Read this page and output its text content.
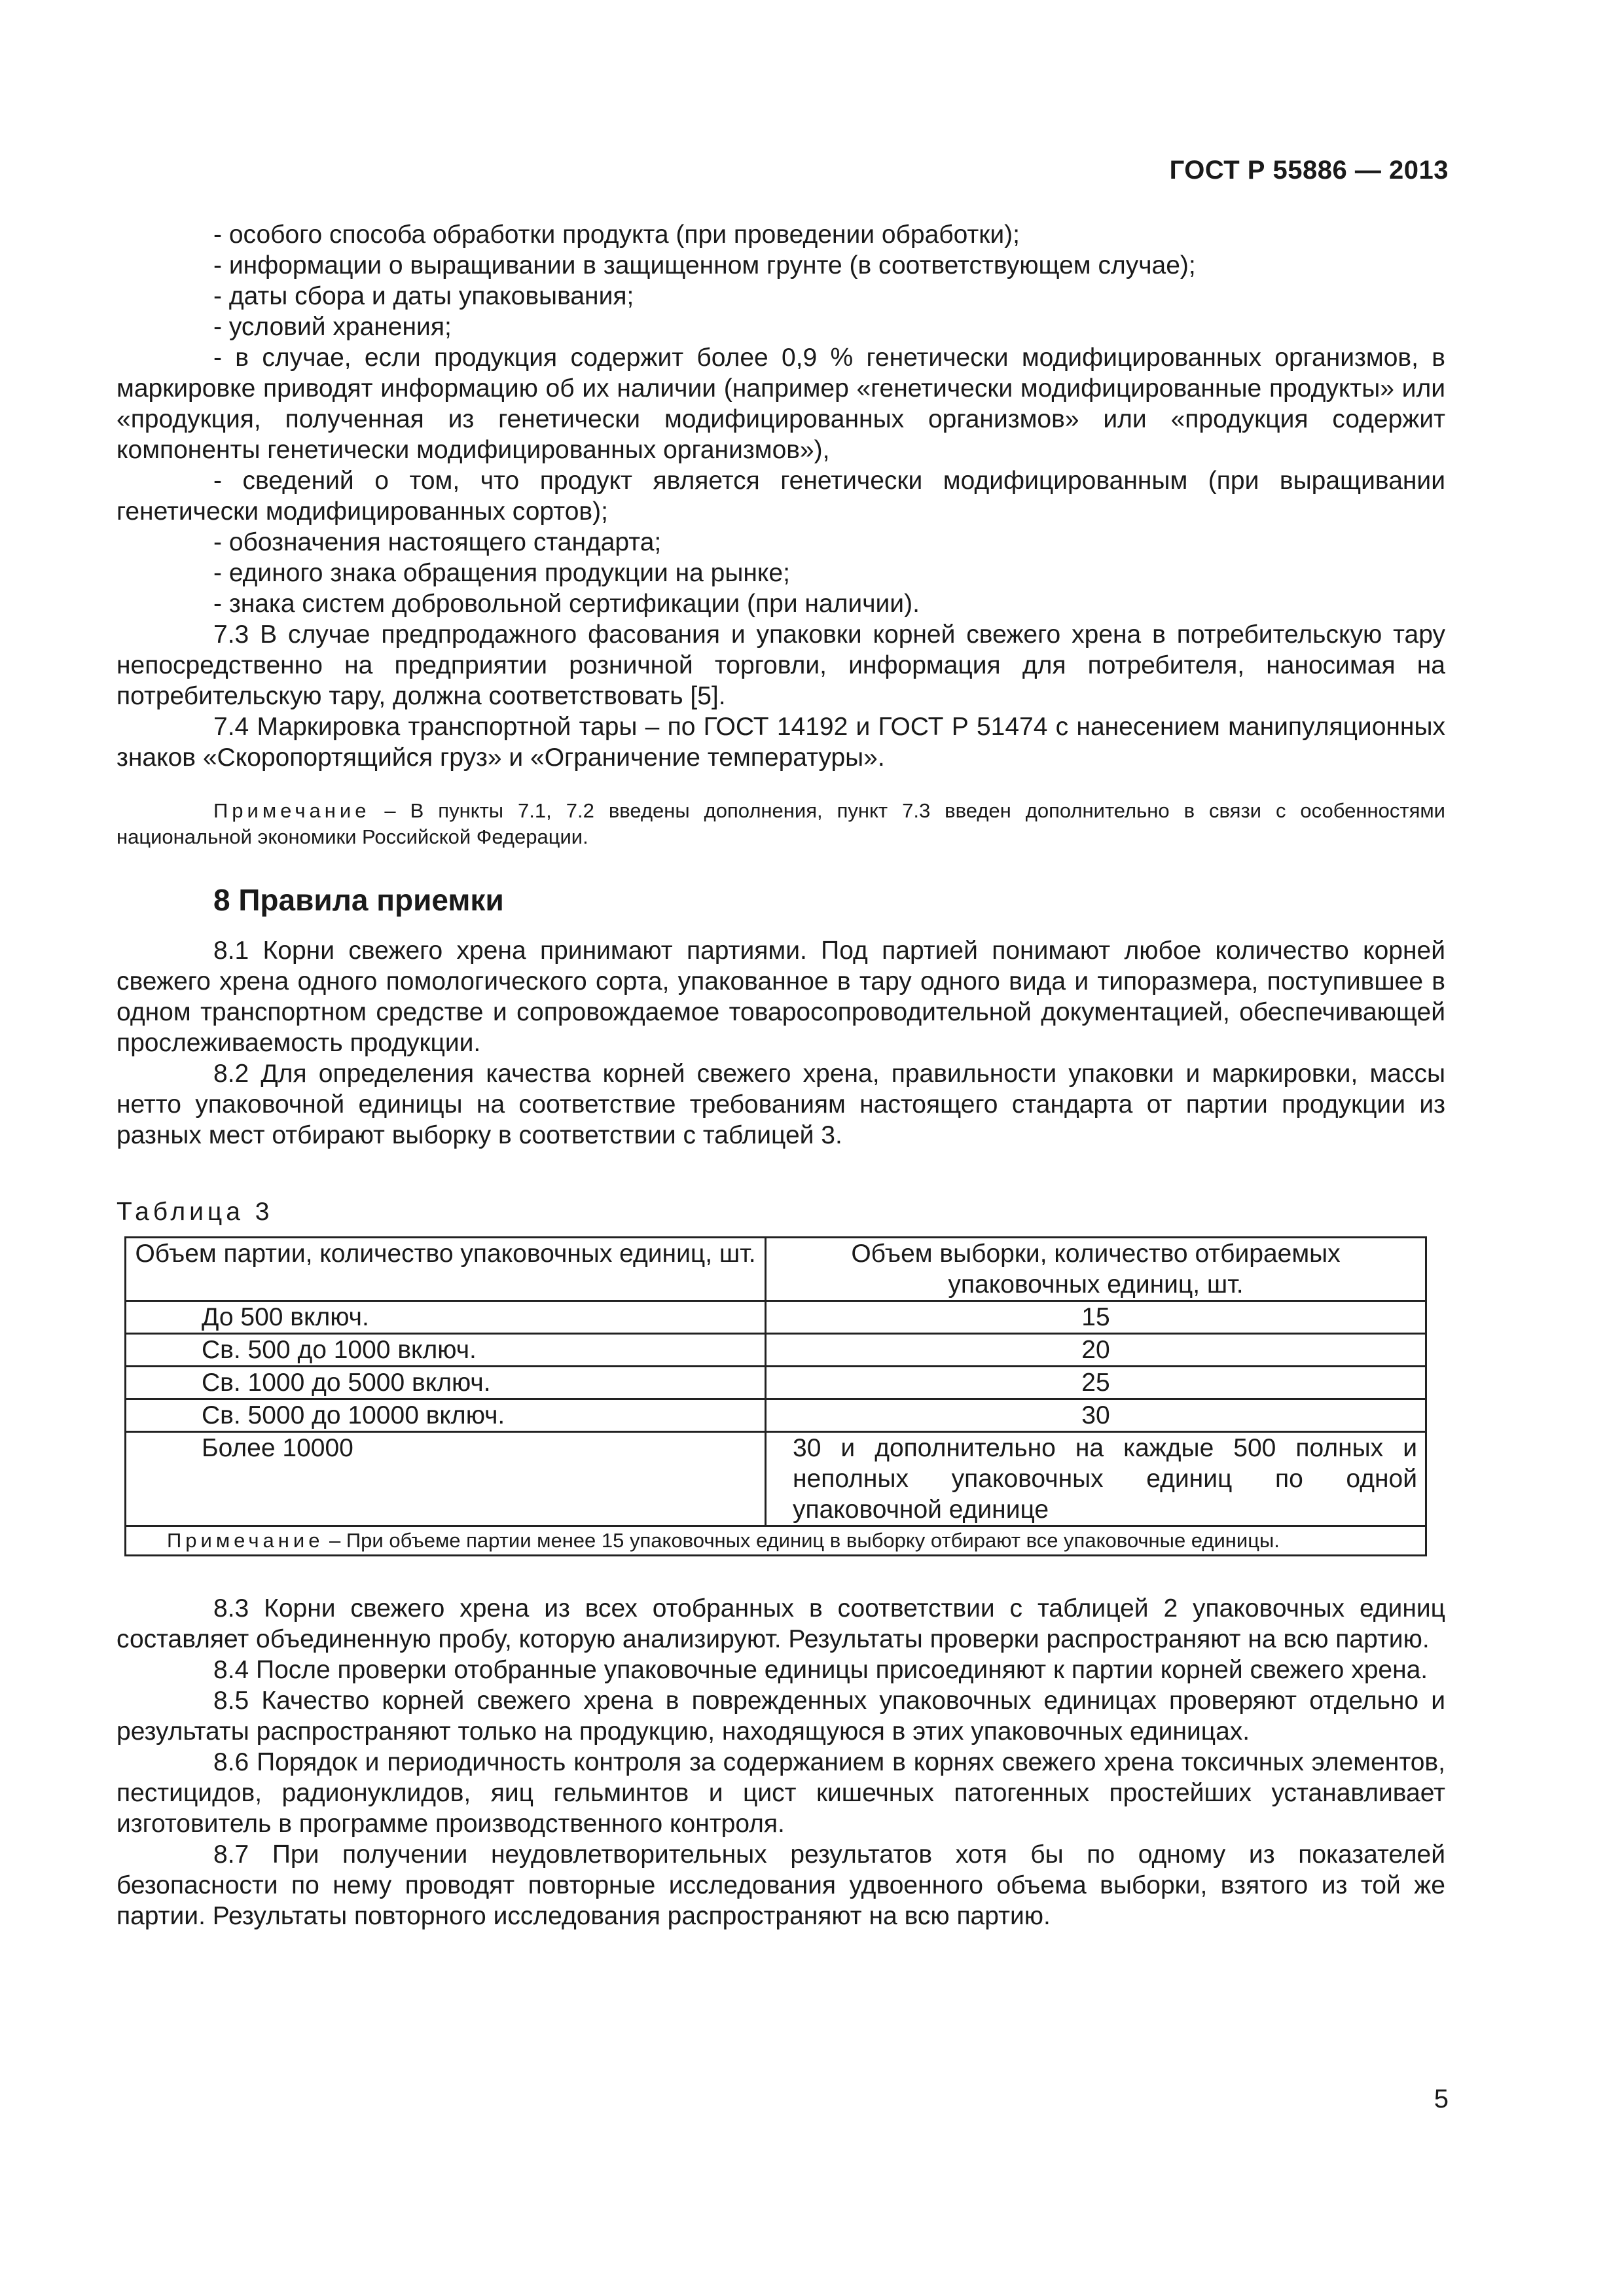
ГОСТ Р 55886 — 2013

- особого способа обработки продукта (при проведении обработки);

- информации о выращивании в защищенном грунте (в соответствующем случае);

- даты сбора и даты упаковывания;

- условий хранения;

- в случае, если продукция содержит более 0,9 % генетически модифицированных организмов, в маркировке приводят информацию об их наличии (например «генетически модифицированные продукты» или «продукция, полученная из генетически модифицированных организмов» или «продукция содержит компоненты генетически модифицированных организмов»),

- сведений о том, что продукт является генетически модифицированным (при выращивании генетически модифицированных сортов);

- обозначения настоящего стандарта;

- единого знака обращения продукции на рынке;

- знака систем добровольной сертификации (при наличии).

7.3 В случае предпродажного фасования и упаковки корней свежего хрена в потребительскую тару непосредственно на предприятии розничной торговли, информация для потребителя, наносимая на потребительскую тару, должна соответствовать [5].

7.4 Маркировка транспортной тары – по ГОСТ 14192 и ГОСТ Р 51474 с нанесением манипуляционных знаков «Скоропортящийся груз» и «Ограничение температуры».

Примечание – В пункты 7.1, 7.2 введены дополнения, пункт 7.3 введен дополнительно в связи с особенностями национальной экономики Российской Федерации.

8 Правила приемки

8.1 Корни свежего хрена принимают партиями. Под партией понимают любое количество корней свежего хрена одного помологического сорта, упакованное в тару одного вида и типоразмера, поступившее в одном транспортном средстве и сопровождаемое товаросопроводительной документацией, обеспечивающей прослеживаемость продукции.

8.2 Для определения качества корней свежего хрена, правильности упаковки и маркировки, массы нетто упаковочной единицы на соответствие требованиям настоящего стандарта от партии продукции из разных мест отбирают выборку в соответствии с таблицей 3.

Таблица 3
Объем партии, количество упаковочных единиц, шт.	Объем выборки, количество отбираемых упаковочных единиц, шт.
До 500 включ.	15
Св. 500 до 1000 включ.	20
Св. 1000 до 5000 включ.	25
Св. 5000 до 10000 включ.	30
Более 10000	30 и дополнительно на каждые 500 полных и неполных упаковочных единиц по одной упаковочной единице
Примечание – При объеме партии менее 15 упаковочных единиц в выборку отбирают все упаковочные единицы.	

8.3 Корни свежего хрена из всех отобранных в соответствии с таблицей 2 упаковочных единиц составляет объединенную пробу, которую анализируют. Результаты проверки распространяют на всю партию.

8.4 После проверки отобранные упаковочные единицы присоединяют к партии корней свежего хрена.

8.5 Качество корней свежего хрена в поврежденных упаковочных единицах проверяют отдельно и результаты распространяют только на продукцию, находящуюся в этих упаковочных единицах.

8.6 Порядок и периодичность контроля за содержанием в корнях свежего хрена токсичных элементов, пестицидов, радионуклидов, яиц гельминтов и цист кишечных патогенных простейших устанавливает изготовитель в программе производственного контроля.

8.7 При получении неудовлетворительных результатов хотя бы по одному из показателей безопасности по нему проводят повторные исследования удвоенного объема выборки, взятого из той же партии. Результаты повторного исследования распространяют на всю партию.

5
